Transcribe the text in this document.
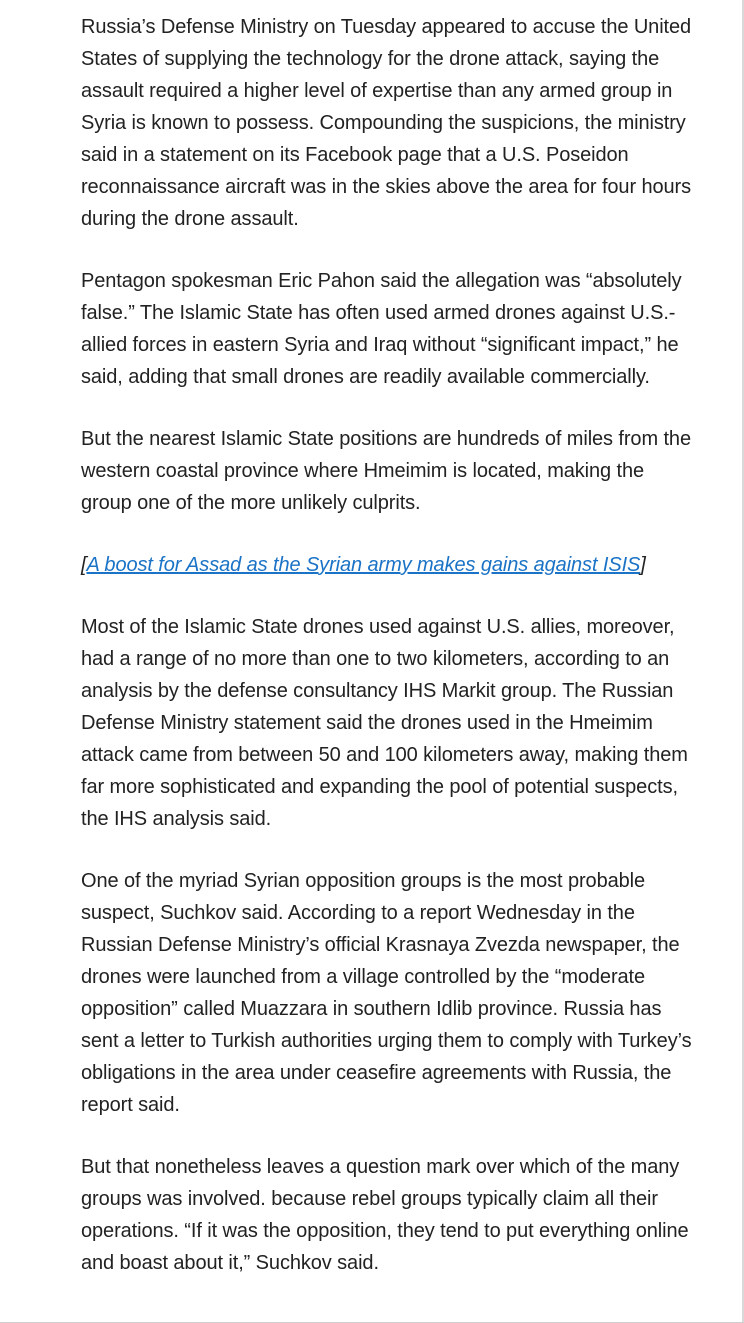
Russia’s Defense Ministry on Tuesday appeared to accuse the United States of supplying the technology for the drone attack, saying the assault required a higher level of expertise than any armed group in Syria is known to possess. Compounding the suspicions, the ministry said in a statement on its Facebook page that a U.S. Poseidon reconnaissance aircraft was in the skies above the area for four hours during the drone assault.

Pentagon spokesman Eric Pahon said the allegation was “absolutely false.” The Islamic State has often used armed drones against U.S.-allied forces in eastern Syria and Iraq without “significant impact,” he said, adding that small drones are readily available commercially.

But the nearest Islamic State positions are hundreds of miles from the western coastal province where Hmeimim is located, making the group one of the more unlikely culprits.

[A boost for Assad as the Syrian army makes gains against ISIS]

Most of the Islamic State drones used against U.S. allies, moreover, had a range of no more than one to two kilometers, according to an analysis by the defense consultancy IHS Markit group. The Russian Defense Ministry statement said the drones used in the Hmeimim attack came from between 50 and 100 kilometers away, making them far more sophisticated and expanding the pool of potential suspects, the IHS analysis said.

One of the myriad Syrian opposition groups is the most probable suspect, Suchkov said. According to a report Wednesday in the Russian Defense Ministry’s official Krasnaya Zvezda newspaper, the drones were launched from a village controlled by the “moderate opposition” called Muazzara in southern Idlib province. Russia has sent a letter to Turkish authorities urging them to comply with Turkey’s obligations in the area under ceasefire agreements with Russia, the report said.

But that nonetheless leaves a question mark over which of the many groups was involved. because rebel groups typically claim all their operations. “If it was the opposition, they tend to put everything online and boast about it,” Suchkov said.
